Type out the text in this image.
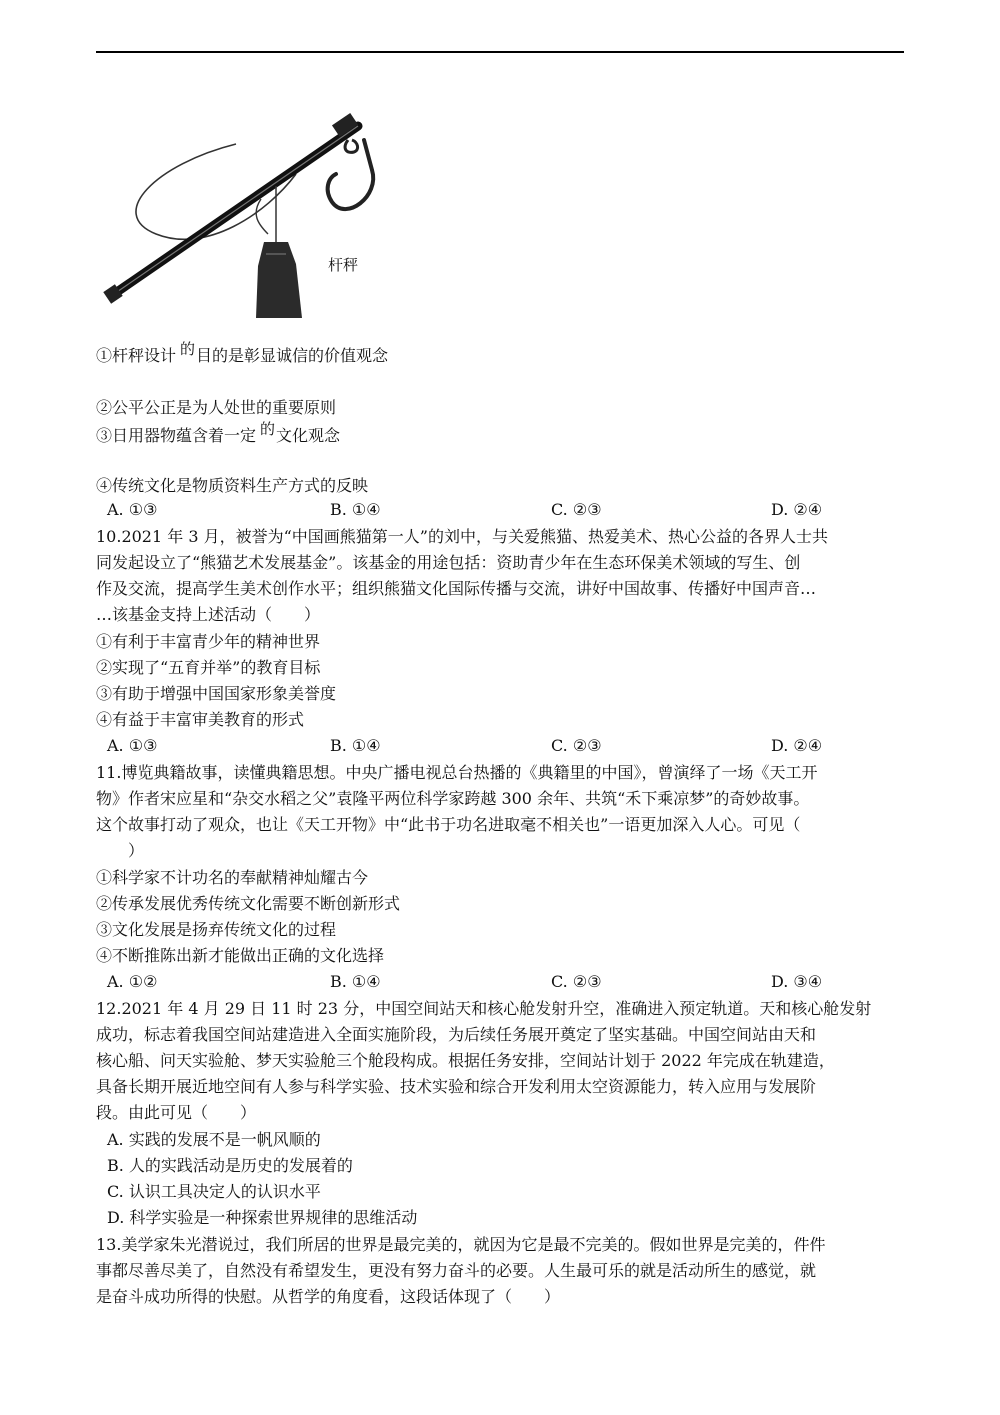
杆秤
①杆秤设计 的目的是彰显诚信的价值观念
②公平公正是为人处世的重要原则
③日用器物蕴含着一定 的文化观念
④传统文化是物质资料生产方式的反映
A. ①③	B. ①④	C. ②③	D. ②④
10.2021 年 3 月，被誉为“中国画熊猫第一人”的刘中，与关爱熊猫、热爱美术、热心公益的各界人士共
同发起设立了“熊猫艺术发展基金”。该基金的用途包括：资助青少年在生态环保美术领域的写生、创
作及交流，提高学生美术创作水平；组织熊猫文化国际传播与交流，讲好中国故事、传播好中国声音…
…该基金支持上述活动（　　）
①有利于丰富青少年的精神世界
②实现了“五育并举”的教育目标
③有助于增强中国国家形象美誉度
④有益于丰富审美教育的形式
A. ①③	B. ①④	C. ②③	D. ②④
11.博览典籍故事，读懂典籍思想。中央广播电视总台热播的《典籍里的中国》，曾演绎了一场《天工开
物》作者宋应星和“杂交水稻之父”袁隆平两位科学家跨越 300 余年、共筑“禾下乘凉梦”的奇妙故事。
这个故事打动了观众，也让《天工开物》中“此书于功名进取毫不相关也”一语更加深入人心。可见（
　　）
①科学家不计功名的奉献精神灿耀古今
②传承发展优秀传统文化需要不断创新形式
③文化发展是扬弃传统文化的过程
④不断推陈出新才能做出正确的文化选择
A. ①②	B. ①④	C. ②③	D. ③④
12.2021 年 4 月 29 日 11 时 23 分，中国空间站天和核心舱发射升空，准确进入预定轨道。天和核心舱发射
成功，标志着我国空间站建造进入全面实施阶段，为后续任务展开奠定了坚实基础。中国空间站由天和
核心船、问天实验舱、梦天实验舱三个舱段构成。根据任务安排，空间站计划于 2022 年完成在轨建造，
具备长期开展近地空间有人参与科学实验、技术实验和综合开发利用太空资源能力，转入应用与发展阶
段。由此可见（　　）
A. 实践的发展不是一帆风顺的
B. 人的实践活动是历史的发展着的
C. 认识工具决定人的认识水平
D. 科学实验是一种探索世界规律的思维活动
13.美学家朱光潜说过，我们所居的世界是最完美的，就因为它是最不完美的。假如世界是完美的，件件
事都尽善尽美了，自然没有希望发生，更没有努力奋斗的必要。人生最可乐的就是活动所生的感觉，就
是奋斗成功所得的快慰。从哲学的角度看，这段话体现了（　　）
